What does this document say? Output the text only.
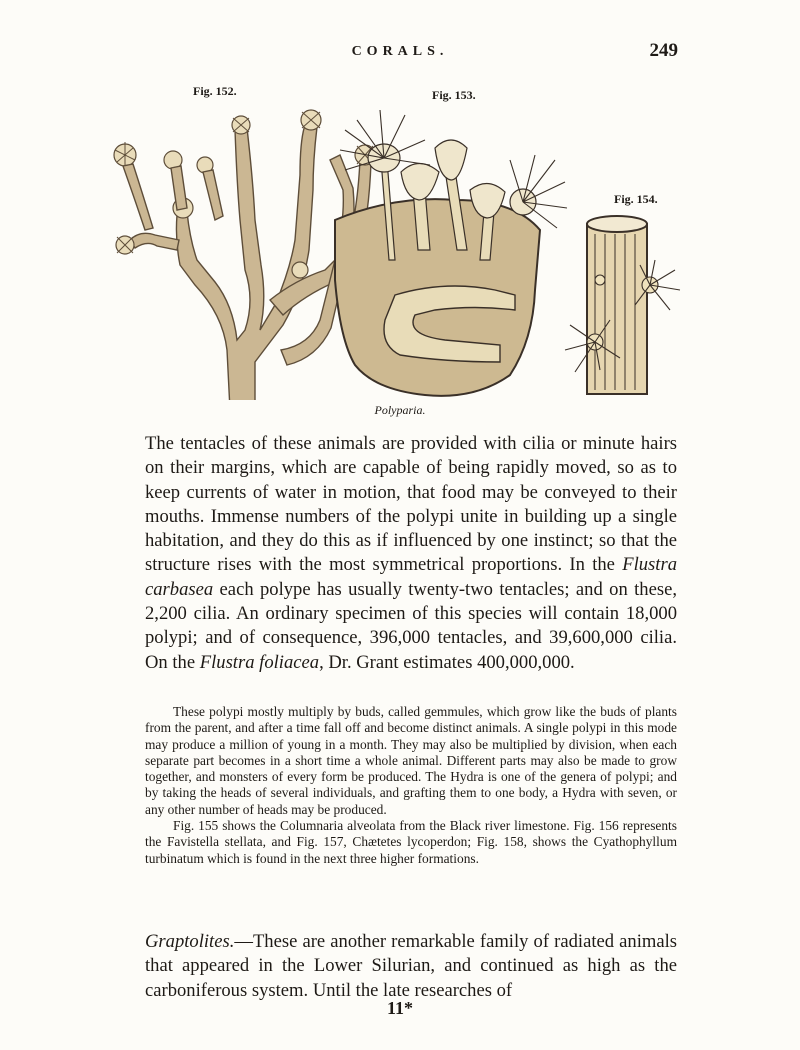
CORALS.	249
Fig. 152.	Fig. 153.
Fig. 154.
Polyparia.

The tentacles of these animals are provided with cilia or minute hairs on their margins, which are capable of being rapidly moved, so as to keep currents of water in motion, that food may be conveyed to their mouths. Immense numbers of the polypi unite in building up a single habitation, and they do this as if influenced by one instinct; so that the structure rises with the most symmetrical proportions. In the Flustra carbasea each polype has usually twenty-two tentacles; and on these, 2,200 cilia. An ordinary specimen of this species will contain 18,000 polypi; and of consequence, 396,000 tentacles, and 39,600,000 cilia. On the Flustra foliacea, Dr. Grant estimates 400,000,000.

These polypi mostly multiply by buds, called gemmules, which grow like the buds of plants from the parent, and after a time fall off and become distinct animals. A single polypi in this mode may produce a million of young in a month. They may also be multiplied by division, when each separate part becomes in a short time a whole animal. Different parts may also be made to grow together, and monsters of every form be produced. The Hydra is one of the genera of polypi; and by taking the heads of several individuals, and grafting them to one body, a Hydra with seven, or any other number of heads may be produced.

Fig. 155 shows the Columnaria alveolata from the Black river limestone. Fig. 156 represents the Favistella stellata, and Fig. 157, Chætetes lycoperdon; Fig. 158, shows the Cyathophyllum turbinatum which is found in the next three higher formations.

Graptolites.—These are another remarkable family of radiated animals that appeared in the Lower Silurian, and continued as high as the carboniferous system. Until the late researches of

11*
